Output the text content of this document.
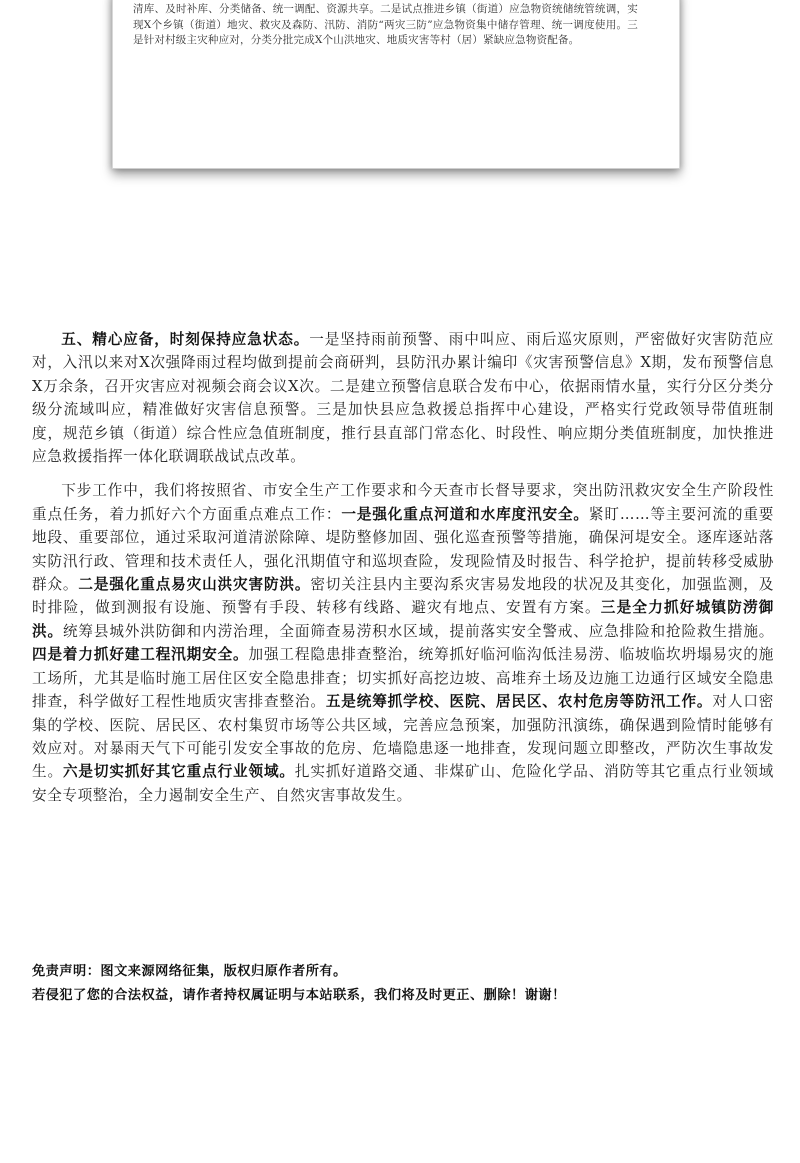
清库、及时补库、分类储备、统一调配、资源共享。二是试点推进乡镇（街道）应急物资统储统管统调，实现X个乡镇（街道）地灾、救灾及森防、汛防、消防“两灾三防”应急物资集中储存管理、统一调度使用。三是针对村级主灾种应对，分类分批完成X个山洪地灾、地质灾害等村（居）紧缺应急物资配备。

五、精心应备，时刻保持应急状态。一是坚持雨前预警、雨中叫应、雨后巡灾原则，严密做好灾害防范应对，入汛以来对X次强降雨过程均做到提前会商研判，县防汛办累计编印《灾害预警信息》X期，发布预警信息X万余条，召开灾害应对视频会商会议X次。二是建立预警信息联合发布中心，依据雨情水量，实行分区分类分级分流域叫应，精准做好灾害信息预警。三是加快县应急救援总指挥中心建设，严格实行党政领导带值班制度，规范乡镇（街道）综合性应急值班制度，推行县直部门常态化、时段性、响应期分类值班制度，加快推进应急救援指挥一体化联调联战试点改革。

下步工作中，我们将按照省、市安全生产工作要求和今天查市长督导要求，突出防汛救灾安全生产阶段性重点任务，着力抓好六个方面重点难点工作：一是强化重点河道和水库度汛安全。紧盯……等主要河流的重要地段、重要部位，通过采取河道清淤除障、堤防整修加固、强化巡查预警等措施，确保河堤安全。逐库逐站落实防汛行政、管理和技术责任人，强化汛期值守和巡坝查险，发现险情及时报告、科学抢护，提前转移受威胁群众。二是强化重点易灾山洪灾害防洪。密切关注县内主要沟系灾害易发地段的状况及其变化，加强监测，及时排险，做到测报有设施、预警有手段、转移有线路、避灾有地点、安置有方案。三是全力抓好城镇防涝御洪。统筹县城外洪防御和内涝治理，全面筛查易涝积水区域，提前落实安全警戒、应急排险和抢险救生措施。四是着力抓好建工程汛期安全。加强工程隐患排查整治，统筹抓好临河临沟低洼易涝、临坡临坎坍塌易灾的施工场所，尤其是临时施工居住区安全隐患排查；切实抓好高挖边坡、高堆弃土场及边施工边通行区域安全隐患排查，科学做好工程性地质灾害排查整治。五是统筹抓学校、医院、居民区、农村危房等防汛工作。对人口密集的学校、医院、居民区、农村集贸市场等公共区域，完善应急预案，加强防汛演练，确保遇到险情时能够有效应对。对暴雨天气下可能引发安全事故的危房、危墙隐患逐一地排查，发现问题立即整改，严防次生事故发生。六是切实抓好其它重点行业领域。扎实抓好道路交通、非煤矿山、危险化学品、消防等其它重点行业领域安全专项整治，全力遏制安全生产、自然灾害事故发生。

免责声明：图文来源网络征集，版权归原作者所有。
若侵犯了您的合法权益，请作者持权属证明与本站联系，我们将及时更正、删除！谢谢！
